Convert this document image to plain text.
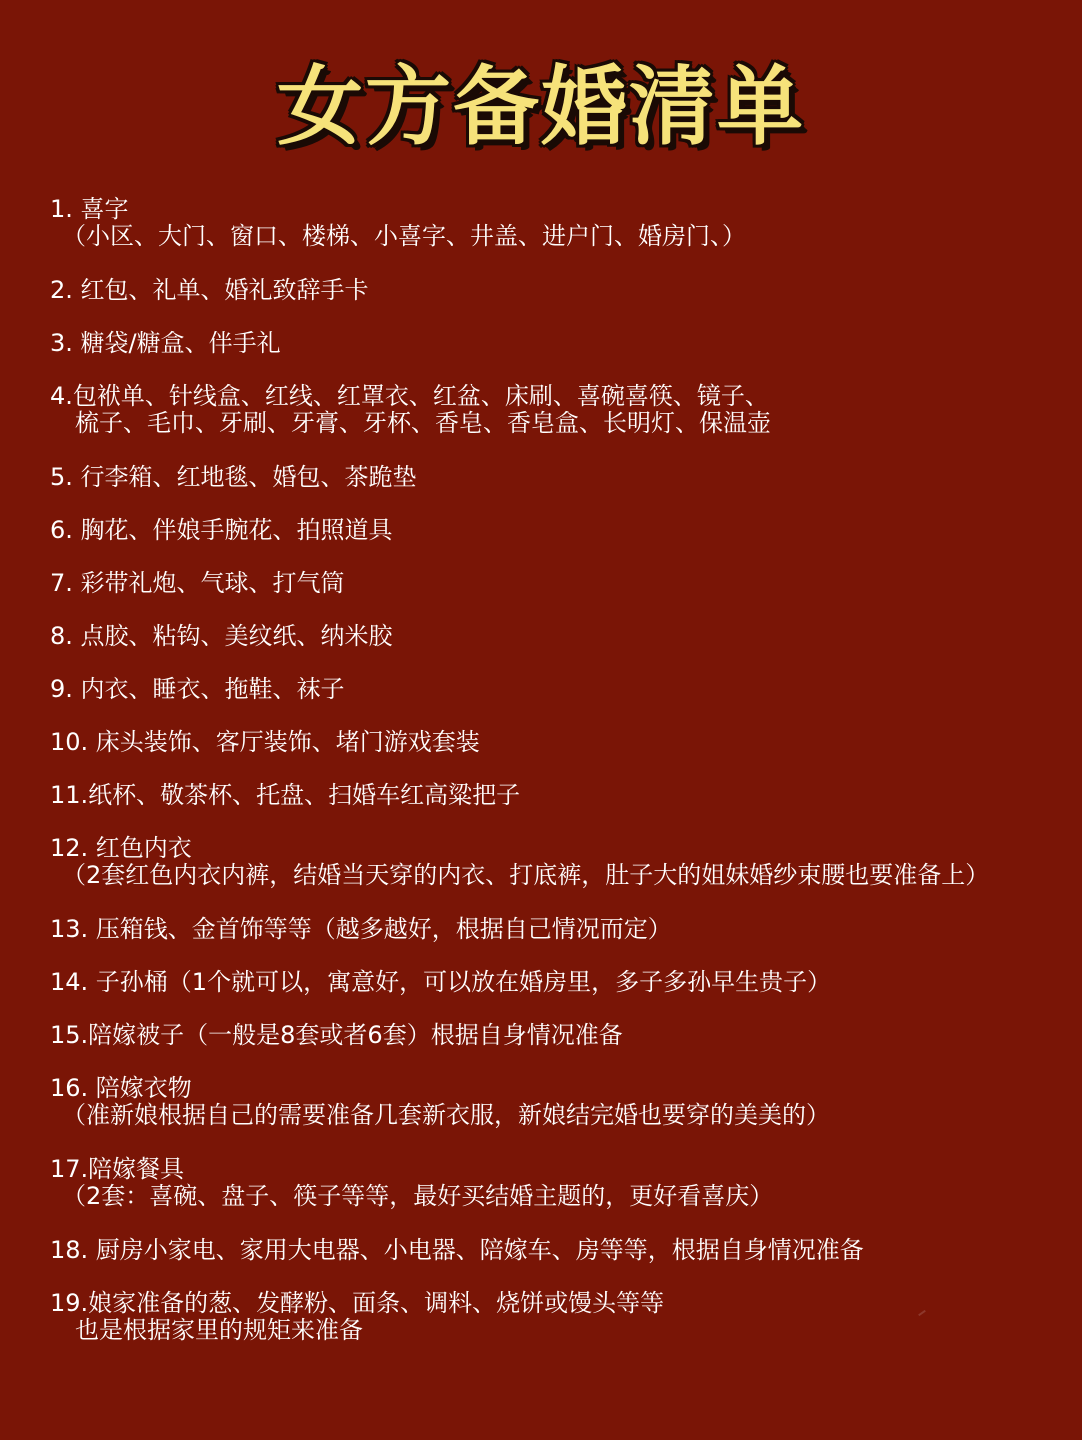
女方备婚清单
1. 喜字
（小区、大门、窗口、楼梯、小喜字、井盖、进户门、婚房门、）
2. 红包、礼单、婚礼致辞手卡
3. 糖袋/糖盒、伴手礼
4.包袱单、针线盒、红线、红罩衣、红盆、床刷、喜碗喜筷、镜子、
梳子、毛巾、牙刷、牙膏、牙杯、香皂、香皂盒、长明灯、保温壶
5. 行李箱、红地毯、婚包、茶跪垫
6. 胸花、伴娘手腕花、拍照道具
7. 彩带礼炮、气球、打气筒
8. 点胶、粘钩、美纹纸、纳米胶
9. 内衣、睡衣、拖鞋、袜子
10. 床头装饰、客厅装饰、堵门游戏套装
11.纸杯、敬茶杯、托盘、扫婚车红高粱把子
12. 红色内衣
（2套红色内衣内裤，结婚当天穿的内衣、打底裤，肚子大的姐妹婚纱束腰也要准备上）
13. 压箱钱、金首饰等等（越多越好，根据自己情况而定）
14. 子孙桶（1个就可以，寓意好，可以放在婚房里，多子多孙早生贵子）
15.陪嫁被子（一般是8套或者6套）根据自身情况准备
16. 陪嫁衣物
（准新娘根据自己的需要准备几套新衣服，新娘结完婚也要穿的美美的）
17.陪嫁餐具
（2套：喜碗、盘子、筷子等等，最好买结婚主题的，更好看喜庆）
18. 厨房小家电、家用大电器、小电器、陪嫁车、房等等，根据自身情况准备
19.娘家准备的葱、发酵粉、面条、调料、烧饼或馒头等等
也是根据家里的规矩来准备
